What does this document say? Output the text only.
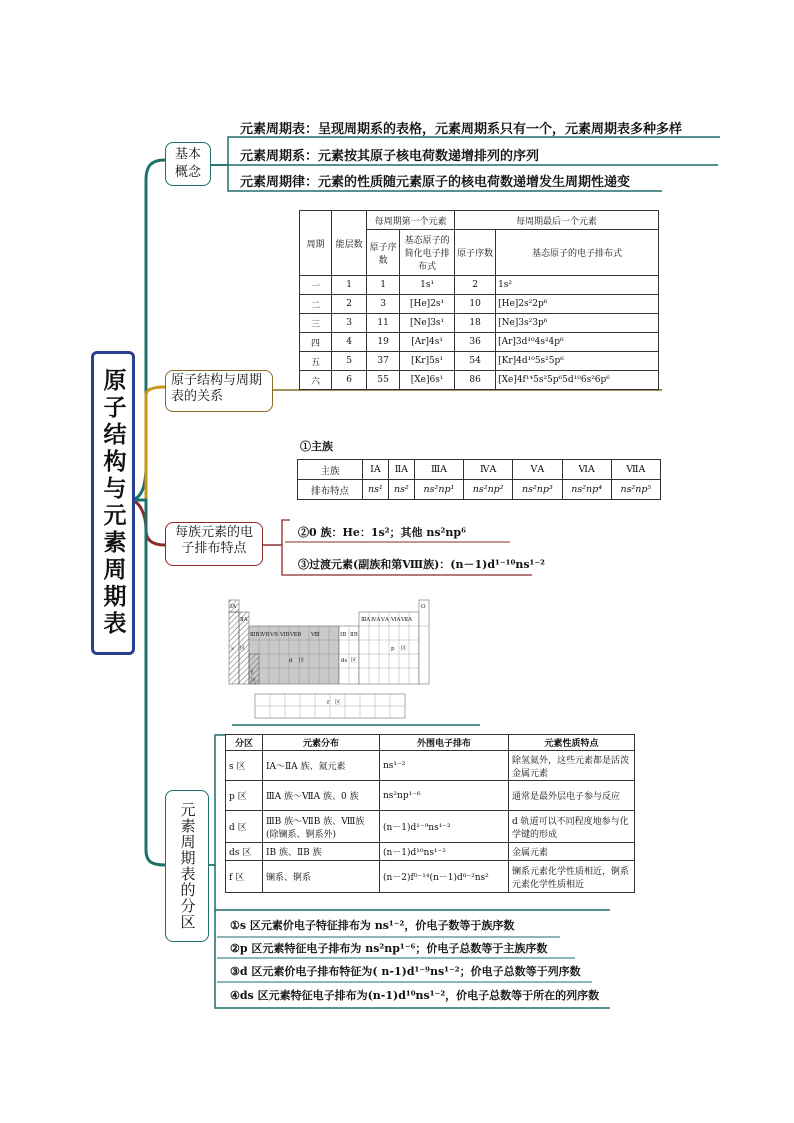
原子结构与元素周期表
基本概念
元素周期表：呈现周期系的表格，元素周期系只有一个，元素周期表多种多样
元素周期系：元素按其原子核电荷数递增排列的序列
元素周期律：元素的性质随元素原子的核电荷数递增发生周期性递变
周期	能层数	每周期第一个元素		每周期最后一个元素	
		原子序数	基态原子的简化电子排布式	原子序数	基态原子的电子排布式
一	1	1	1s¹	2	1s²
二	2	3	[He]2s¹	10	[He]2s²2p⁶
三	3	11	[Ne]3s¹	18	[Ne]3s²3p⁶
四	4	19	[Ar]4s¹	36	[Ar]3d¹⁰4s²4p⁶
五	5	37	[Kr]5s¹	54	[Kr]4d¹⁰5s²5p⁶
六	6	55	[Xe]6s¹	86	[Xe]4f¹⁴5s²5p⁶5d¹⁰6s²6p⁶
原子结构与周期表的关系
①主族
主族	ⅠA	ⅡA	ⅢA	ⅣA	ⅤA	ⅥA	ⅦA
排布特点	ns¹	ns²	ns²np¹	ns²np²	ns²np³	ns²np⁴	ns²np⁵
每族元素的电子排布特点
②0 族：He：1s²；其他 ns²np⁶
③过渡元素(副族和第Ⅷ族)：(n－1)d¹⁻¹⁰ns¹⁻²
IA	O
ⅡA	ⅢA ⅣA ⅤA ⅥA ⅦA
ⅢB ⅣB ⅤB ⅥB ⅦB Ⅷ	ⅠB ⅡB
s 区
d 区	ds 区
p 区
f
区
f 区
分区	元素分布	外围电子排布	元素性质特点
s 区	ⅠA～ⅡA 族、氦元素	ns¹⁻²	除氢氦外，这些元素都是活泼金属元素
p 区	ⅢA 族～ⅦA 族、0 族	ns²np¹⁻⁶	通常是最外层电子参与反应
d 区	ⅢB 族～ⅦB 族、Ⅷ族(除镧系、锕系外)	(n－1)d¹⁻⁹ns¹⁻²	d 轨道可以不同程度地参与化学键的形成
ds 区	ⅠB 族、ⅡB 族	(n－1)d¹⁰ns¹⁻²	金属元素
f 区	镧系、锕系	(n－2)f⁰⁻¹⁴(n－1)d⁰⁻²ns²	镧系元素化学性质相近，锕系元素化学性质相近
元素周期表的分区	①s 区元素价电子特征排布为 ns¹⁻²，价电子数等于族序数
②p 区元素特征电子排布为 ns²np¹⁻⁶；价电子总数等于主族序数
③d 区元素价电子排布特征为( n-1)d¹⁻⁹ns¹⁻²；价电子总数等于列序数
④ds 区元素特征电子排布为(n-1)d¹⁰ns¹⁻²，价电子总数等于所在的列序数
